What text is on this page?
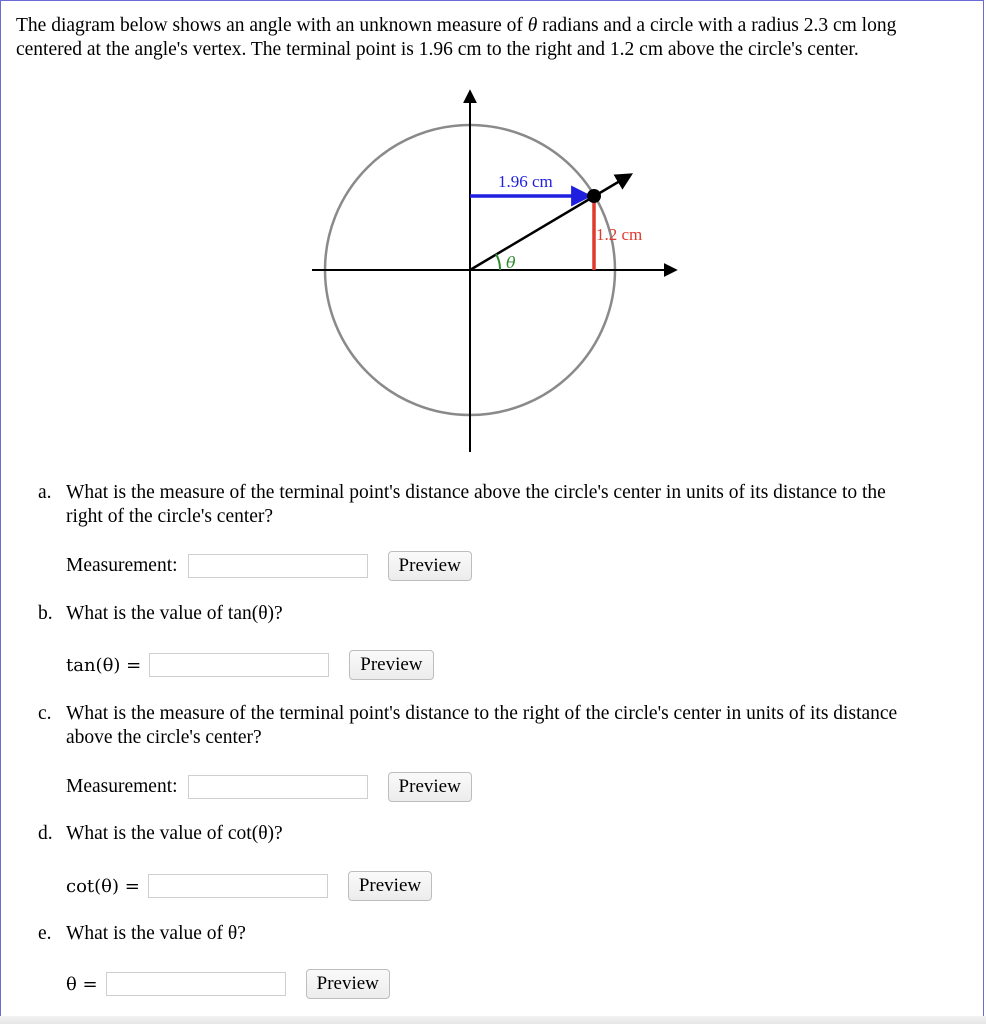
The diagram below shows an angle with an unknown measure of θ radians and a circle with a radius 2.3 cm long
centered at the angle's vertex. The terminal point is 1.96 cm to the right and 1.2 cm above the circle's center.
1.96 cm
1.2 cm
θ
a. What is the measure of the terminal point's distance above the circle's center in units of its distance to the
right of the circle's center?
Measurement:	Preview
b. What is the value of tan(θ)?
tan(θ) =	Preview
c. What is the measure of the terminal point's distance to the right of the circle's center in units of its distance
above the circle's center?
Measurement:	Preview
d. What is the value of cot(θ)?
cot(θ) =	Preview
e. What is the value of θ?
θ =	Preview
